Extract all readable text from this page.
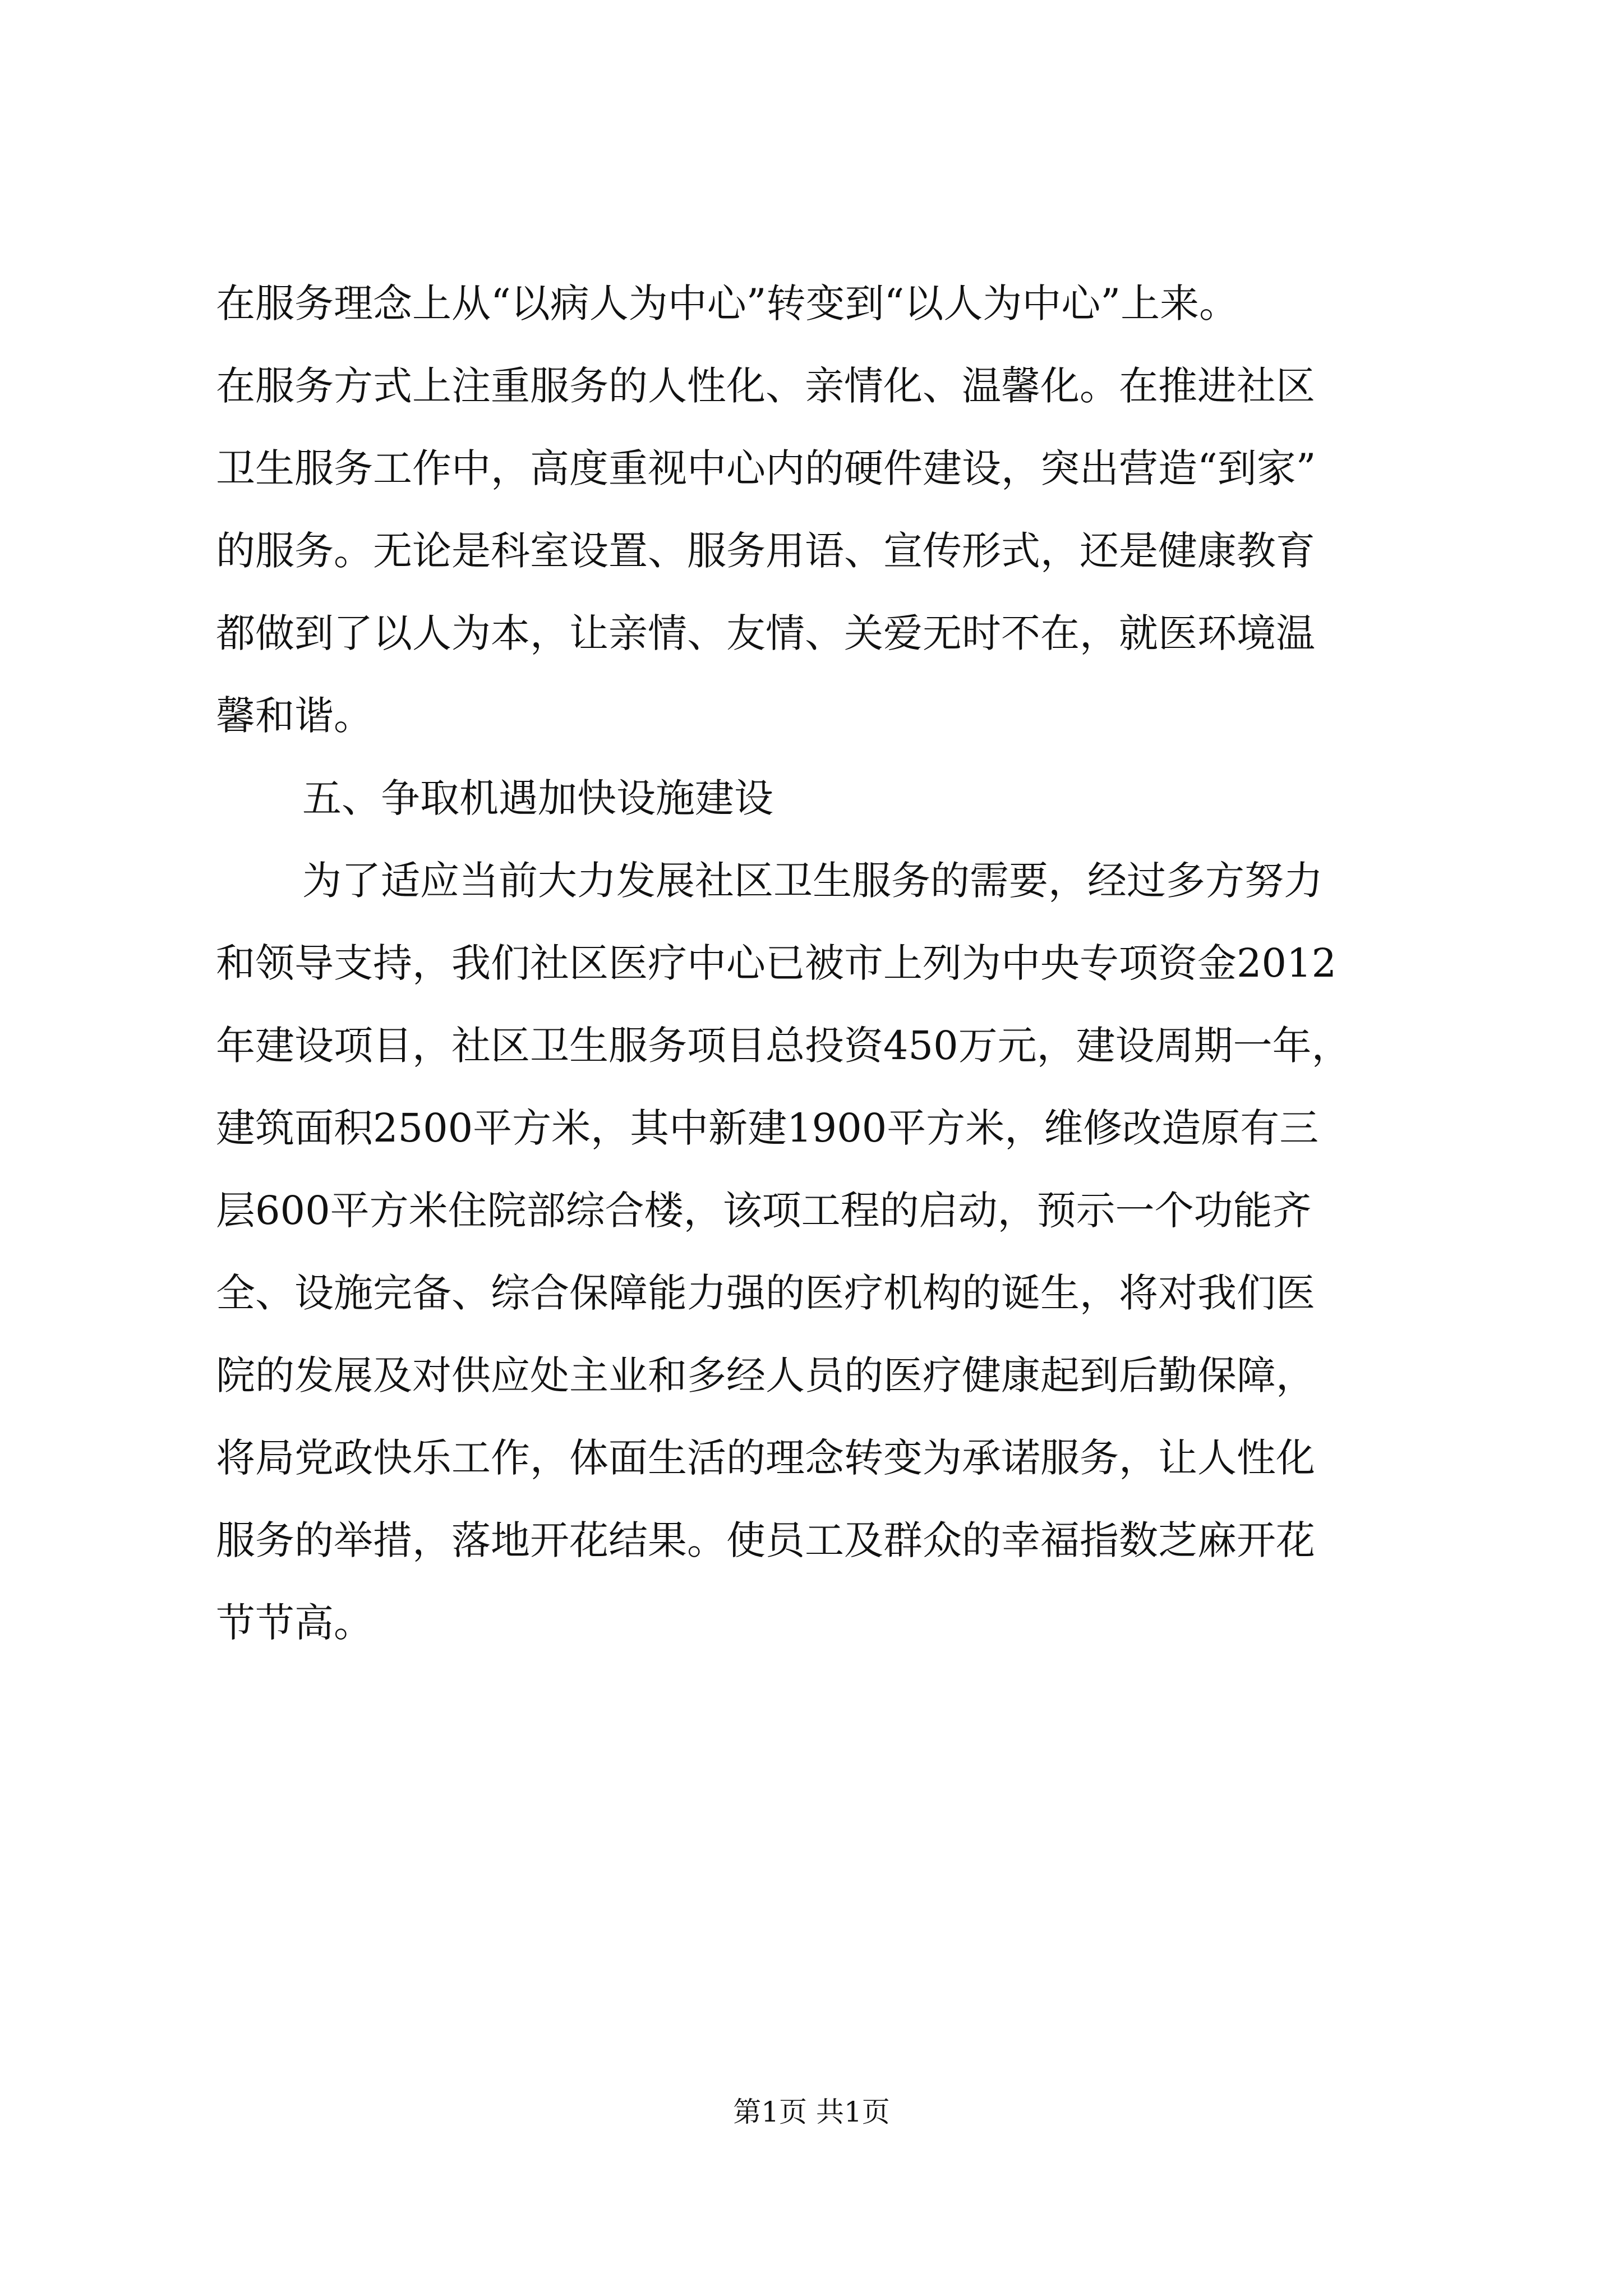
在服务理念上从“以病人为中心”转变到“以人为中心”上来。
在服务方式上注重服务的人性化、亲情化、温馨化。在推进社区
卫生服务工作中，高度重视中心内的硬件建设，突出营造“到家”
的服务。无论是科室设置、服务用语、宣传形式，还是健康教育
都做到了以人为本，让亲情、友情、关爱无时不在，就医环境温
馨和谐。
五、争取机遇加快设施建设
为了适应当前大力发展社区卫生服务的需要，经过多方努力
和领导支持，我们社区医疗中心已被市上列为中央专项资金2012
年建设项目，社区卫生服务项目总投资450万元，建设周期一年，
建筑面积2500平方米，其中新建1900平方米，维修改造原有三
层600平方米住院部综合楼，该项工程的启动，预示一个功能齐
全、设施完备、综合保障能力强的医疗机构的诞生，将对我们医
院的发展及对供应处主业和多经人员的医疗健康起到后勤保障，
将局党政快乐工作，体面生活的理念转变为承诺服务，让人性化
服务的举措，落地开花结果。使员工及群众的幸福指数芝麻开花
节节高。
第1页 共1页
